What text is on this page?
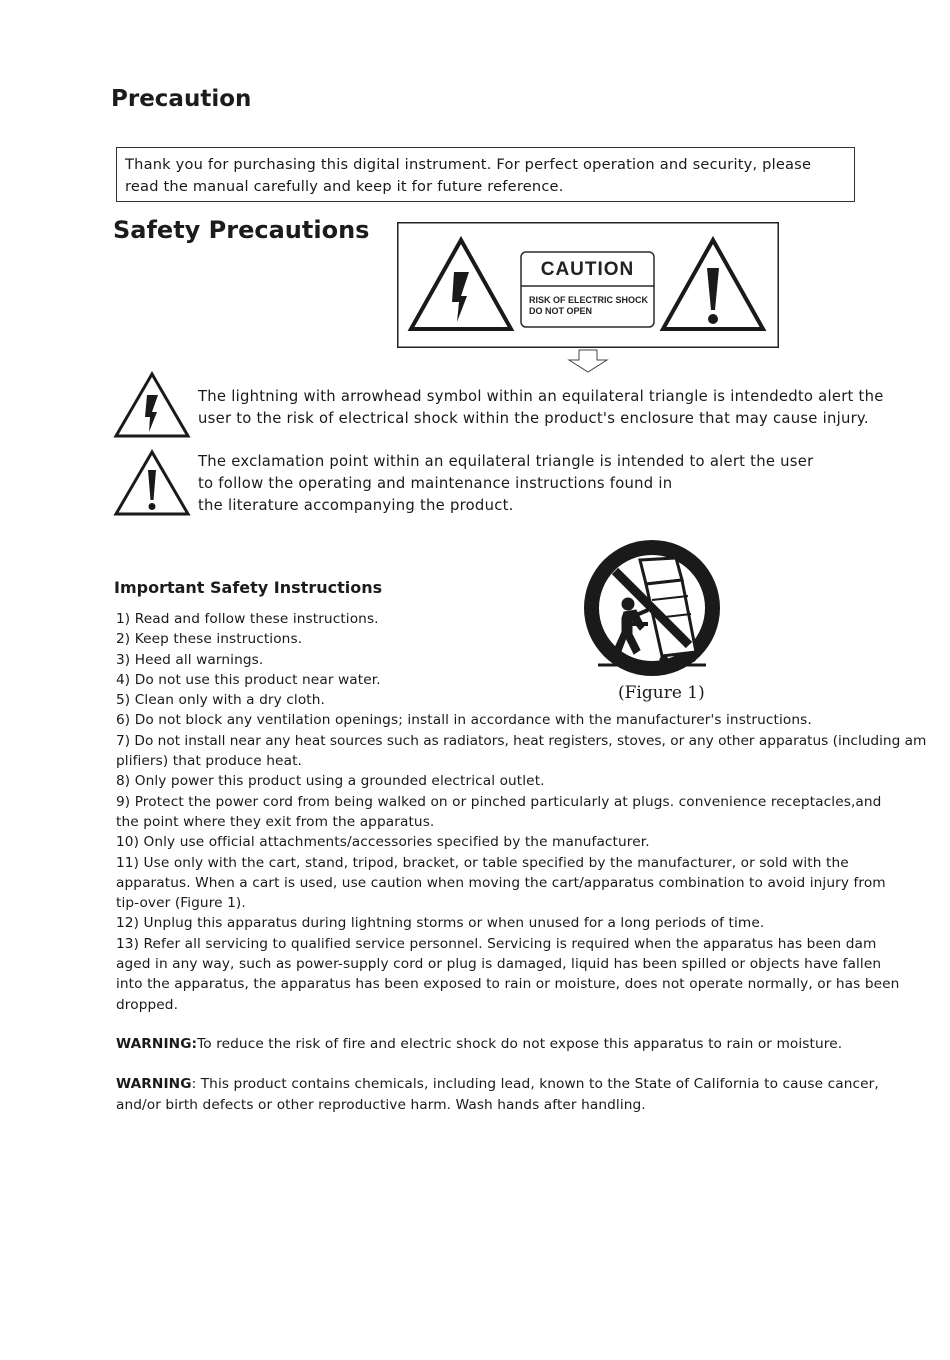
Precaution
Thank you for purchasing this digital instrument. For perfect operation and security, please
read the manual carefully and keep it for future reference.
Safety Precautions
CAUTION
RISK OF ELECTRIC SHOCK
DO NOT OPEN
The lightning with arrowhead symbol within an equilateral triangle is intendedto alert the
user to the risk of electrical shock within the product's enclosure that may cause injury.
The exclamation point within an equilateral triangle is intended to alert the user
to follow the operating and maintenance instructions found in
the literature accompanying the product.
Important Safety Instructions
(Figure 1)
1) Read and follow these instructions.
2) Keep these instructions.
3) Heed all warnings.
4) Do not use this product near water.
5) Clean only with a dry cloth.
6) Do not block any ventilation openings; install in accordance with the manufacturer's instructions.
7) Do not install near any heat sources such as radiators, heat registers, stoves, or any other apparatus (including am
plifiers) that produce heat.
8) Only power this product using a grounded electrical outlet.
9) Protect the power cord from being walked on or pinched particularly at plugs. convenience receptacles,and
the point where they exit from the apparatus.
10) Only use official attachments/accessories specified by the manufacturer.
11) Use only with the cart, stand, tripod, bracket, or table specified by the manufacturer, or sold with the
apparatus. When a cart is used, use caution when moving the cart/apparatus combination to avoid injury from
tip-over (Figure 1).
12) Unplug this apparatus during lightning storms or when unused for a long periods of time.
13) Refer all servicing to qualified service personnel. Servicing is required when the apparatus has been dam
aged in any way, such as power-supply cord or plug is damaged, liquid has been spilled or objects have fallen
into the apparatus, the apparatus has been exposed to rain or moisture, does not operate normally, or has been
dropped.
WARNING:To reduce the risk of fire and electric shock do not expose this apparatus to rain or moisture.
WARNING: This product contains chemicals, including lead, known to the State of California to cause cancer,
and/or birth defects or other reproductive harm. Wash hands after handling.
